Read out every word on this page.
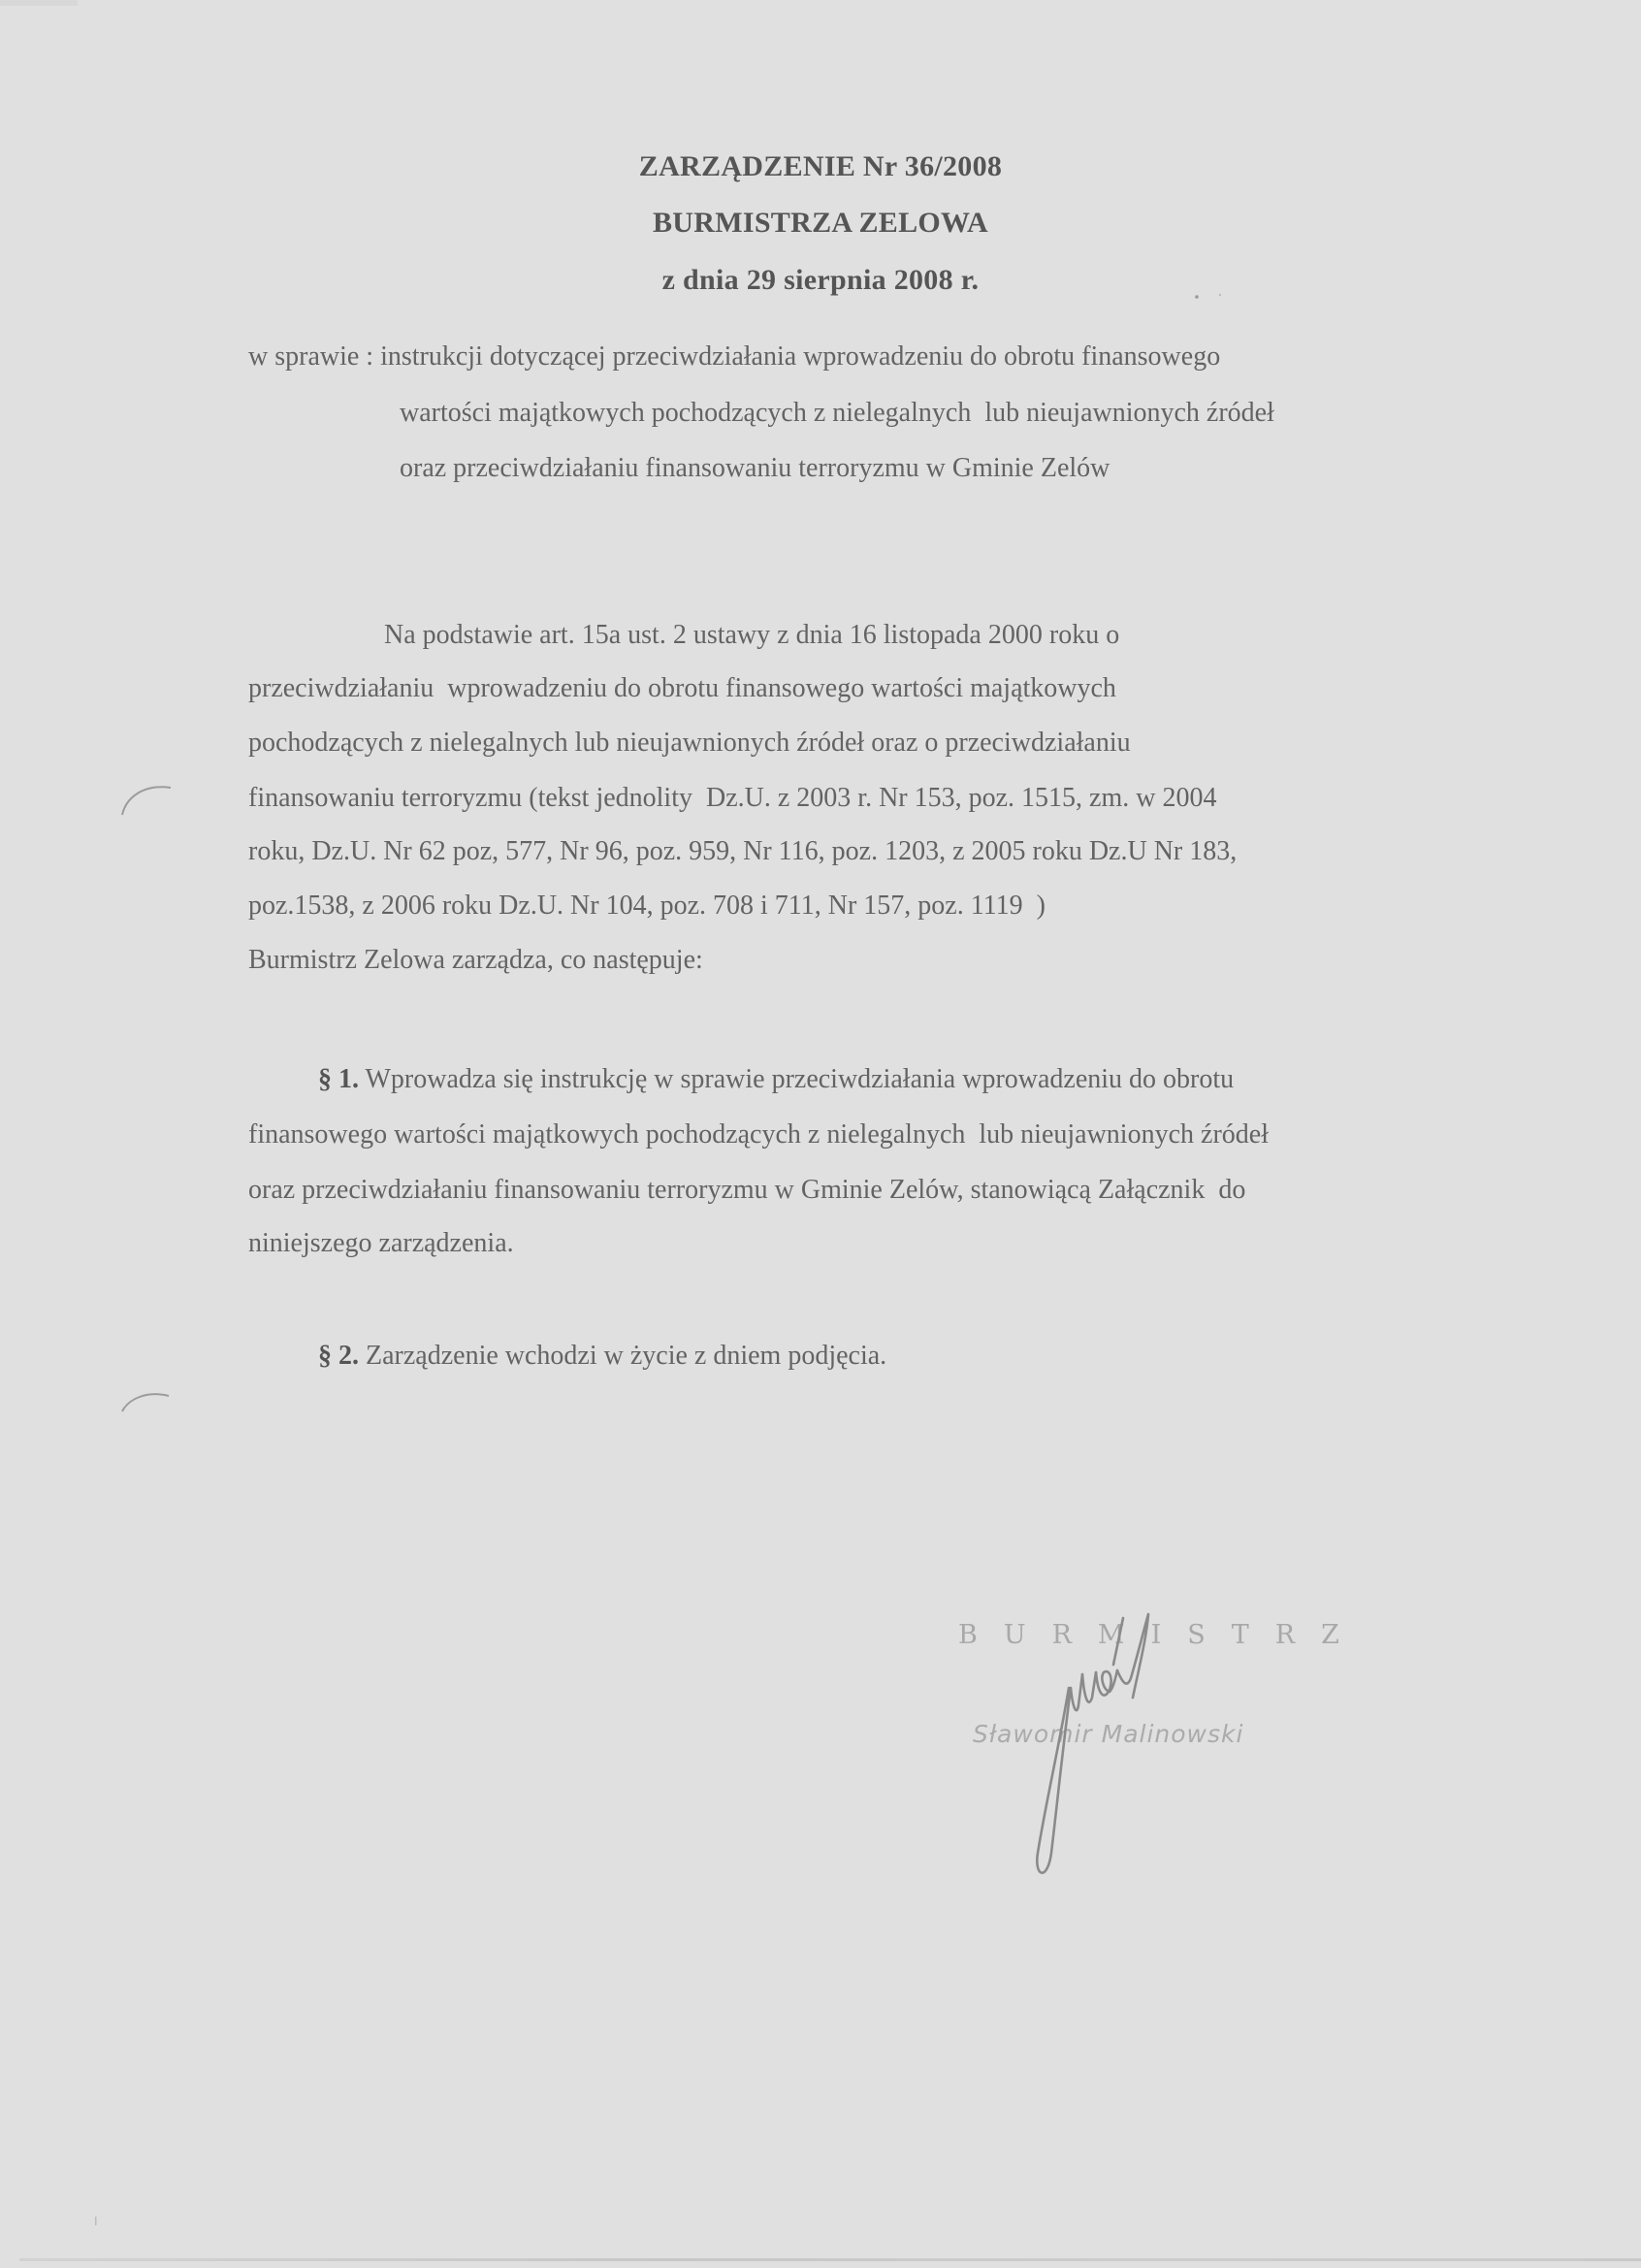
ZARZĄDZENIE Nr 36/2008
BURMISTRZA ZELOWA
z dnia 29 sierpnia 2008 r.
w sprawie : instrukcji dotyczącej przeciwdziałania wprowadzeniu do obrotu finansowego
wartości majątkowych pochodzących z nielegalnych  lub nieujawnionych źródeł
oraz przeciwdziałaniu finansowaniu terroryzmu w Gminie Zelów
Na podstawie art. 15a ust. 2 ustawy z dnia 16 listopada 2000 roku o
przeciwdziałaniu  wprowadzeniu do obrotu finansowego wartości majątkowych
pochodzących z nielegalnych lub nieujawnionych źródeł oraz o przeciwdziałaniu
finansowaniu terroryzmu (tekst jednolity  Dz.U. z 2003 r. Nr 153, poz. 1515, zm. w 2004
roku, Dz.U. Nr 62 poz, 577, Nr 96, poz. 959, Nr 116, poz. 1203, z 2005 roku Dz.U Nr 183,
poz.1538, z 2006 roku Dz.U. Nr 104, poz. 708 i 711, Nr 157, poz. 1119  )
Burmistrz Zelowa zarządza, co następuje:
§ 1. Wprowadza się instrukcję w sprawie przeciwdziałania wprowadzeniu do obrotu
finansowego wartości majątkowych pochodzących z nielegalnych  lub nieujawnionych źródeł
oraz przeciwdziałaniu finansowaniu terroryzmu w Gminie Zelów, stanowiącą Załącznik  do
niniejszego zarządzenia.
§ 2. Zarządzenie wchodzi w życie z dniem podjęcia.
BURMISTRZ
Sławomir Malinowski
